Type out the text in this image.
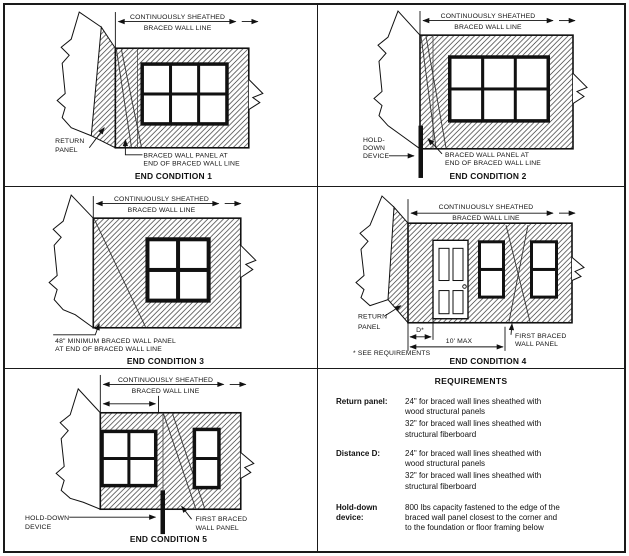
CONTINUOUSLY SHEATHED
BRACED WALL LINE
RETURN
PANEL
BRACED WALL PANEL AT
END OF BRACED WALL LINE
END CONDITION 1
CONTINUOUSLY SHEATHED
BRACED WALL LINE
HOLD-
DOWN
DEVICE	BRACED WALL PANEL AT
END OF BRACED WALL LINE
END CONDITION 2
CONTINUOUSLY SHEATHED
BRACED WALL LINE
48" MINIMUM BRACED WALL PANEL
AT END OF BRACED WALL LINE
END CONDITION 3
CONTINUOUSLY SHEATHED
BRACED WALL LINE
RETURN
PANEL	D*
10' MAX
FIRST BRACED
WALL PANEL
* SEE REQUIREMENTS
END CONDITION 4
CONTINUOUSLY SHEATHED
BRACED WALL LINE
HOLD-DOWN
DEVICE
FIRST BRACED
WALL PANEL
END CONDITION 5
REQUIREMENTS
Return panel:	24" for braced wall lines sheathed with
wood structural panels
32" for braced wall lines sheathed with
structural fiberboard
Distance D:	24" for braced wall lines sheathed with
wood structural panels
32" for braced wall lines sheathed with
structural fiberboard
Hold-down device:
800 lbs capacity fastened to the edge of the
braced wall panel closest to the corner and
to the foundation or floor framing below
